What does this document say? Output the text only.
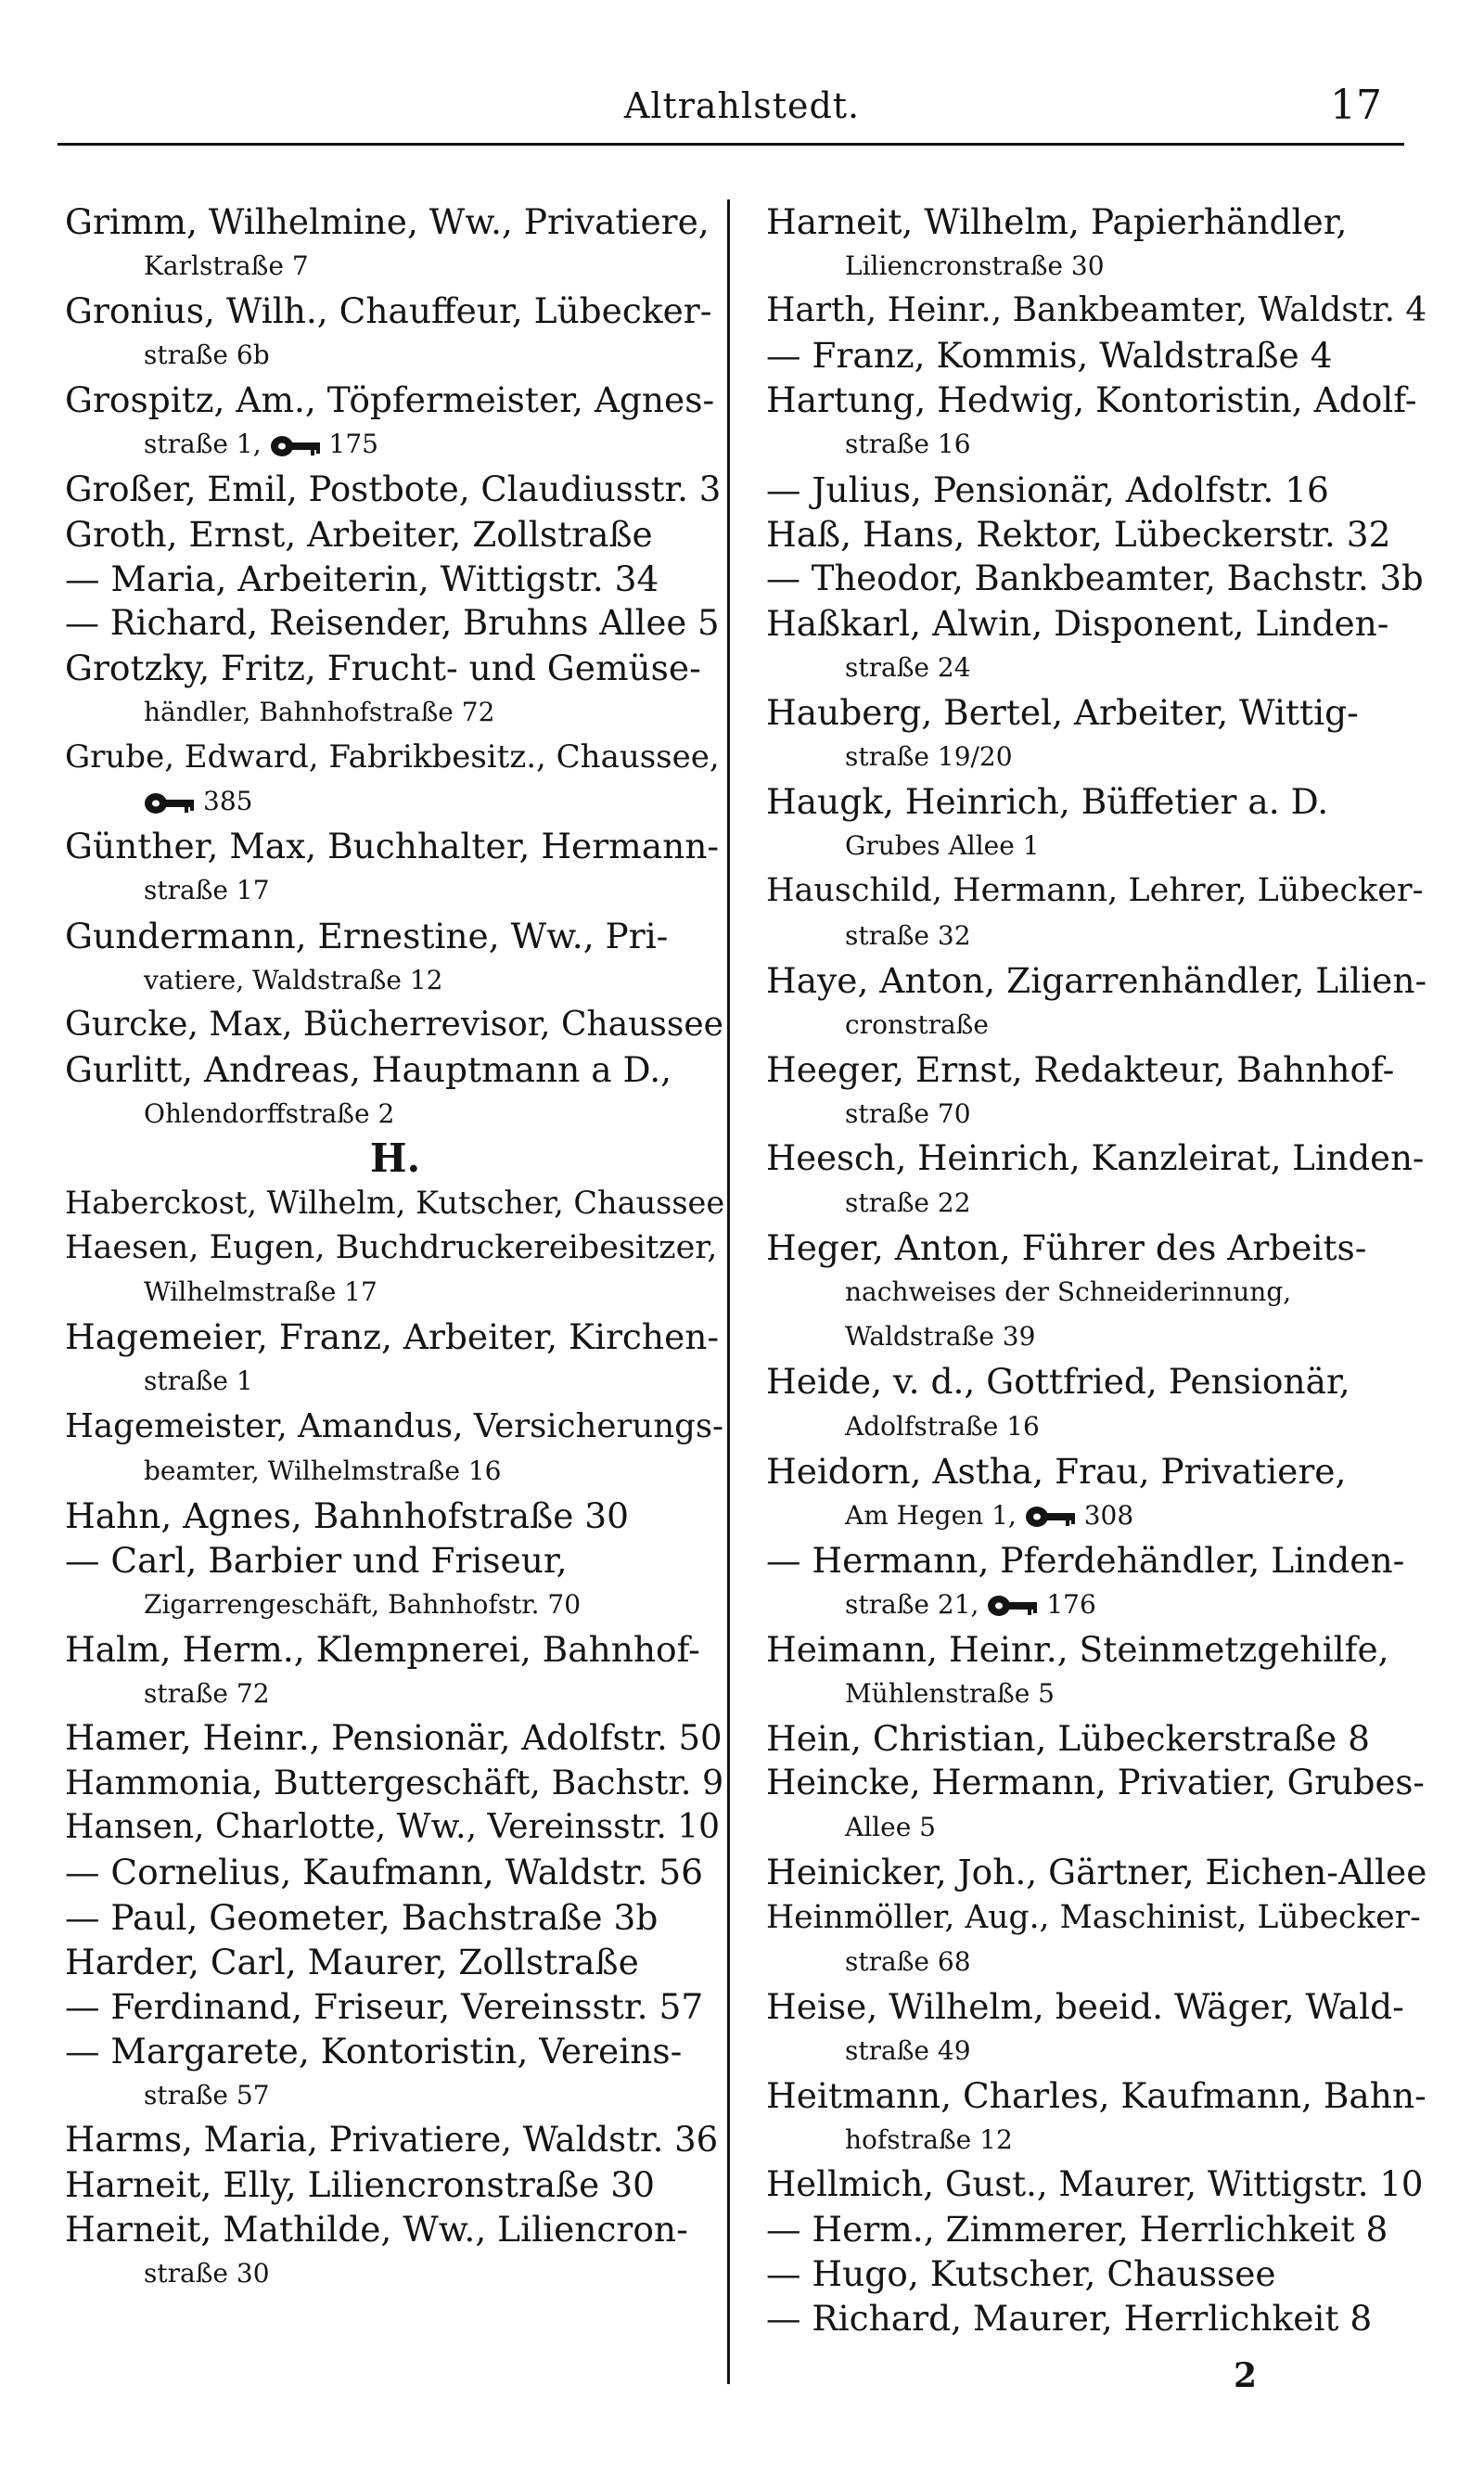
Altrahlstedt.	17
Grimm, Wilhelmine, Ww., Privatiere,
Karlstraße 7
Gronius, Wilh., Chauffeur, Lübecker-
straße 6b
Grospitz, Am., Töpfermeister, Agnes-
straße 1,	175
Großer, Emil, Postbote, Claudiusstr. 3
Groth, Ernst, Arbeiter, Zollstraße
— Maria, Arbeiterin, Wittigstr. 34
— Richard, Reisender, Bruhns Allee 5
Grotzky, Fritz, Frucht- und Gemüse-
händler, Bahnhofstraße 72
Grube, Edward, Fabrikbesitz., Chaussee,
385
Günther, Max, Buchhalter, Hermann-
straße 17
Gundermann, Ernestine, Ww., Pri-
vatiere, Waldstraße 12
Gurcke, Max, Bücherrevisor, Chaussee
Gurlitt, Andreas, Hauptmann a D.,
Ohlendorffstraße 2
H.
Haberckost, Wilhelm, Kutscher, Chaussee
Haesen, Eugen, Buchdruckereibesitzer,
Wilhelmstraße 17
Hagemeier, Franz, Arbeiter, Kirchen-
straße 1
Hagemeister, Amandus, Versicherungs-
beamter, Wilhelmstraße 16
Hahn, Agnes, Bahnhofstraße 30
— Carl, Barbier und Friseur,
Zigarrengeschäft, Bahnhofstr. 70
Halm, Herm., Klempnerei, Bahnhof-
straße 72
Hamer, Heinr., Pensionär, Adolfstr. 50
Hammonia, Buttergeschäft, Bachstr. 9
Hansen, Charlotte, Ww., Vereinsstr. 10
— Cornelius, Kaufmann, Waldstr. 56
— Paul, Geometer, Bachstraße 3b
Harder, Carl, Maurer, Zollstraße
— Ferdinand, Friseur, Vereinsstr. 57
— Margarete, Kontoristin, Vereins-
straße 57
Harms, Maria, Privatiere, Waldstr. 36
Harneit, Elly, Liliencronstraße 30
Harneit, Mathilde, Ww., Liliencron-
straße 30
Harneit, Wilhelm, Papierhändler,
Liliencronstraße 30
Harth, Heinr., Bankbeamter, Waldstr. 4
— Franz, Kommis, Waldstraße 4
Hartung, Hedwig, Kontoristin, Adolf-
straße 16
— Julius, Pensionär, Adolfstr. 16
Haß, Hans, Rektor, Lübeckerstr. 32
— Theodor, Bankbeamter, Bachstr. 3b
Haßkarl, Alwin, Disponent, Linden-
straße 24
Hauberg, Bertel, Arbeiter, Wittig-
straße 19/20
Haugk, Heinrich, Büffetier a. D.
Grubes Allee 1
Hauschild, Hermann, Lehrer, Lübecker-
straße 32
Haye, Anton, Zigarrenhändler, Lilien-
cronstraße
Heeger, Ernst, Redakteur, Bahnhof-
straße 70
Heesch, Heinrich, Kanzleirat, Linden-
straße 22
Heger, Anton, Führer des Arbeits-
nachweises der Schneiderinnung,
Waldstraße 39
Heide, v. d., Gottfried, Pensionär,
Adolfstraße 16
Heidorn, Astha, Frau, Privatiere,
Am Hegen 1,	308
— Hermann, Pferdehändler, Linden-
straße 21,	176
Heimann, Heinr., Steinmetzgehilfe,
Mühlenstraße 5
Hein, Christian, Lübeckerstraße 8
Heincke, Hermann, Privatier, Grubes-
Allee 5
Heinicker, Joh., Gärtner, Eichen-Allee
Heinmöller, Aug., Maschinist, Lübecker-
straße 68
Heise, Wilhelm, beeid. Wäger, Wald-
straße 49
Heitmann, Charles, Kaufmann, Bahn-
hofstraße 12
Hellmich, Gust., Maurer, Wittigstr. 10
— Herm., Zimmerer, Herrlichkeit 8
— Hugo, Kutscher, Chaussee
— Richard, Maurer, Herrlichkeit 8
2
